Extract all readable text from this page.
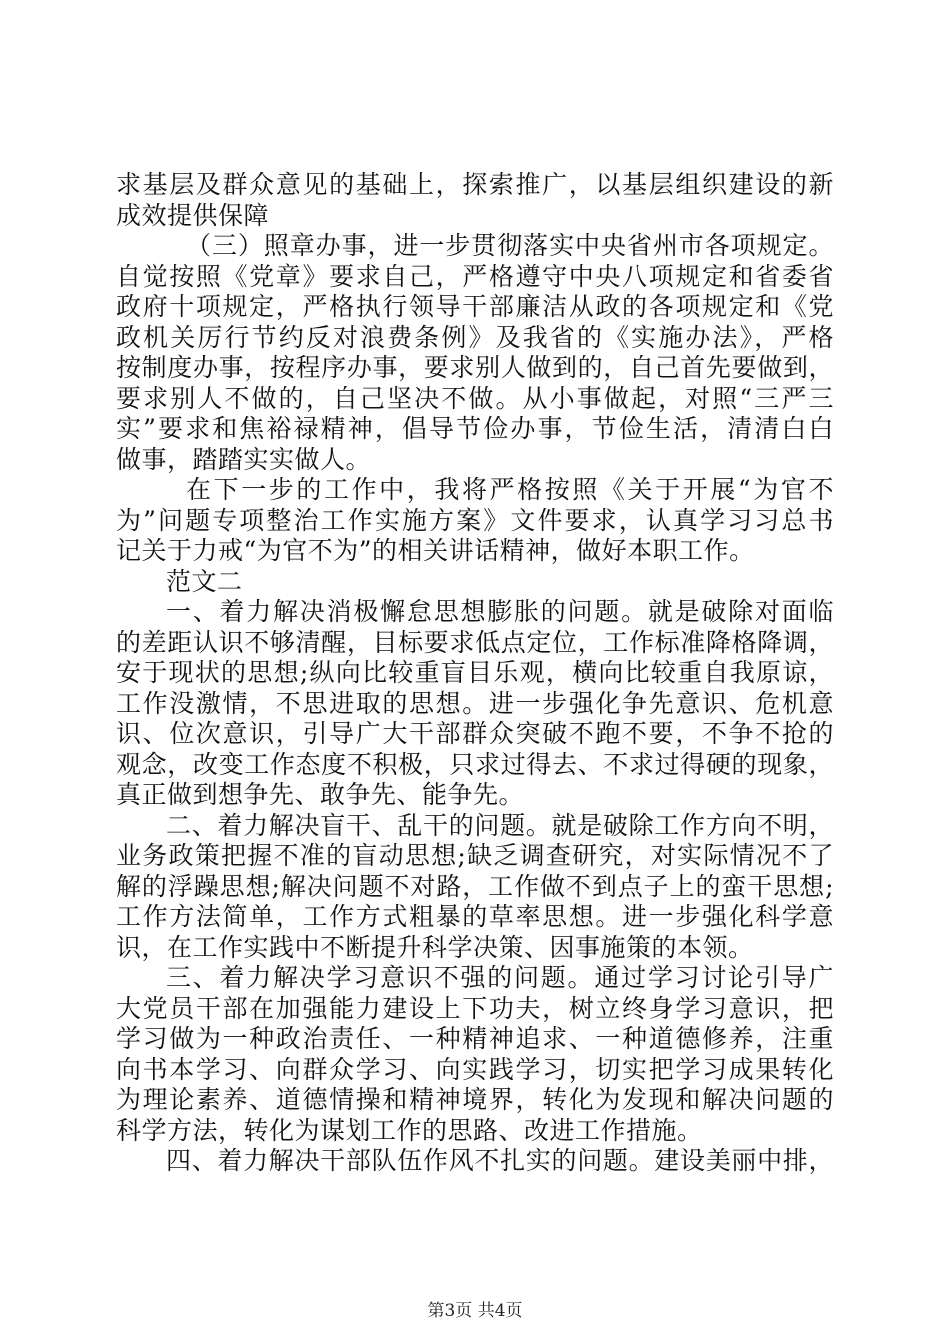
求基层及群众意见的基础上，探索推广，以基层组织建设的新
成效提供保障
（三）照章办事，进一步贯彻落实中央省州市各项规定。
自觉按照《党章》要求自己，严格遵守中央八项规定和省委省
政府十项规定，严格执行领导干部廉洁从政的各项规定和《党
政机关厉行节约反对浪费条例》及我省的《实施办法》，严格
按制度办事，按程序办事，要求别人做到的，自己首先要做到，
要求别人不做的，自己坚决不做。从小事做起，对照“三严三
实”要求和焦裕禄精神，倡导节俭办事，节俭生活，清清白白
做事，踏踏实实做人。
在下一步的工作中，我将严格按照《关于开展“为官不
为”问题专项整治工作实施方案》文件要求，认真学习习总书
记关于力戒“为官不为”的相关讲话精神，做好本职工作。
范文二
一、着力解决消极懈怠思想膨胀的问题。就是破除对面临
的差距认识不够清醒，目标要求低点定位，工作标准降格降调，
安于现状的思想;纵向比较重盲目乐观，横向比较重自我原谅，
工作没激情，不思进取的思想。进一步强化争先意识、危机意
识、位次意识，引导广大干部群众突破不跑不要，不争不抢的
观念，改变工作态度不积极，只求过得去、不求过得硬的现象，
真正做到想争先、敢争先、能争先。
二、着力解决盲干、乱干的问题。就是破除工作方向不明，
业务政策把握不准的盲动思想;缺乏调查研究，对实际情况不了
解的浮躁思想;解决问题不对路，工作做不到点子上的蛮干思想;
工作方法简单，工作方式粗暴的草率思想。进一步强化科学意
识，在工作实践中不断提升科学决策、因事施策的本领。
三、着力解决学习意识不强的问题。通过学习讨论引导广
大党员干部在加强能力建设上下功夫，树立终身学习意识，把
学习做为一种政治责任、一种精神追求、一种道德修养，注重
向书本学习、向群众学习、向实践学习，切实把学习成果转化
为理论素养、道德情操和精神境界，转化为发现和解决问题的
科学方法，转化为谋划工作的思路、改进工作措施。
四、着力解决干部队伍作风不扎实的问题。建设美丽中排，
第3页 共4页
